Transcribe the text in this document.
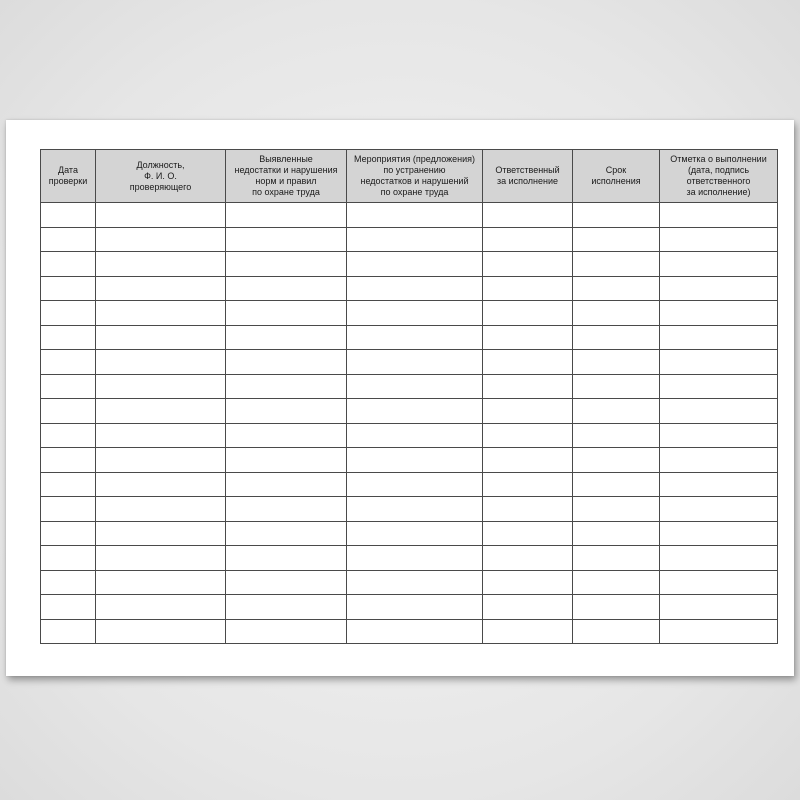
Дата
проверки	Должность,
Ф. И. О.
проверяющего	Выявленные
недостатки и нарушения
норм и правил
по охране труда	Мероприятия (предложения)
по устранению
недостатков и нарушений
по охране труда	Ответственный
за исполнение	Срок
исполнения	Отметка о выполнении
(дата, подпись
ответственного
за исполнение)
